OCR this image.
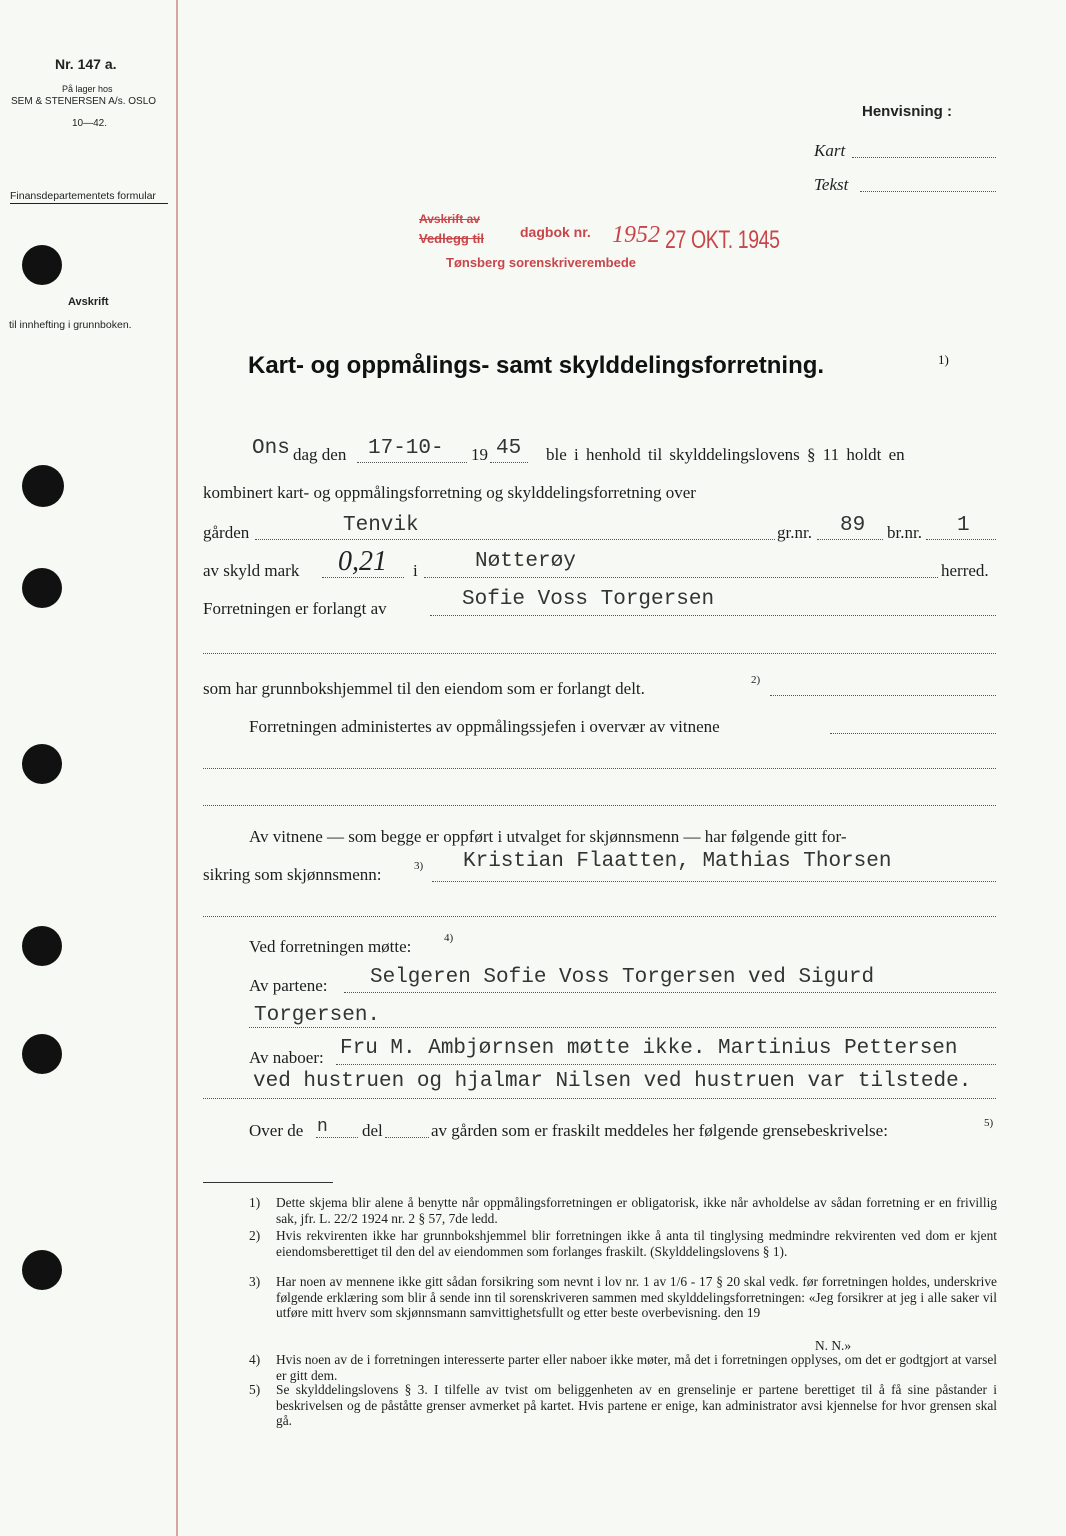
Nr. 147 a.
På lager hos
SEM & STENERSEN A/s. OSLO
10—42.
Finansdepartementets formular
Avskrift
til innhefting i grunnboken.
Henvisning :
Kart
Tekst
Avskrift av
Vedlegg til	dagbok nr. 1952 27 OKT. 1945
Tønsberg sorenskriverembede
Kart- og oppmålings- samt skylddelingsforretning.	1)
Ons dag den 17-10- 19 45 ble i henhold til skylddelingslovens § 11 holdt en
kombinert kart- og oppmålingsforretning og skylddelingsforretning over
gården	Tenvik	gr.nr. 89 br.nr. 1
av skyld mark 0,21 i	Nøtterøy	herred.
Forretningen er forlangt av	Sofie Voss Torgersen
som har grunnbokshjemmel til den eiendom som er forlangt delt.	2)
Forretningen administertes av oppmålingssjefen i overvær av vitnene
Av vitnene — som begge er oppført i utvalget for skjønnsmenn — har følgende gitt for-
sikring som skjønnsmenn:	3) Kristian Flaatten, Mathias Thorsen
Ved forretningen møtte:	4)
Av partene: Selgeren Sofie Voss Torgersen ved Sigurd
Torgersen.
Av naboer: Fru M. Ambjørnsen møtte ikke. Martinius Pettersen
ved hustruen og hjalmar Nilsen ved hustruen var tilstede.
Over de n del	av gården som er fraskilt meddeles her følgende grensebeskrivelse:	5)
1)	Dette skjema blir alene å benytte når oppmålingsforretningen er obligatorisk, ikke når avholdelse av sådan forretning er en frivillig sak, jfr. L. 22/2 1924 nr. 2 § 57, 7de ledd.
2)	Hvis rekvirenten ikke har grunnbokshjemmel blir forretningen ikke å anta til tinglysing medmindre rekvirenten ved dom er kjent eiendomsberettiget til den del av eiendommen som forlanges fraskilt. (Skylddelingslovens § 1).
3)	Har noen av mennene ikke gitt sådan forsikring som nevnt i lov nr. 1 av 1/6 - 17 § 20 skal vedk. før forretningen holdes, underskrive følgende erklæring som blir å sende inn til sorenskriveren sammen med skylddelingsforretningen: «Jeg forsikrer at jeg i alle saker vil utføre mitt hverv som skjønnsmann samvittighetsfullt og etter beste overbevisning. den 19
N. N.»
4)	Hvis noen av de i forretningen interesserte parter eller naboer ikke møter, må det i forretningen opplyses, om det er godtgjort at varsel er gitt dem.
5)	Se skylddelingslovens § 3. I tilfelle av tvist om beliggenheten av en grenselinje er partene berettiget til å få sine påstander i beskrivelsen og de påståtte grenser avmerket på kartet. Hvis partene er enige, kan administrator avsi kjennelse for hvor grensen skal gå.
